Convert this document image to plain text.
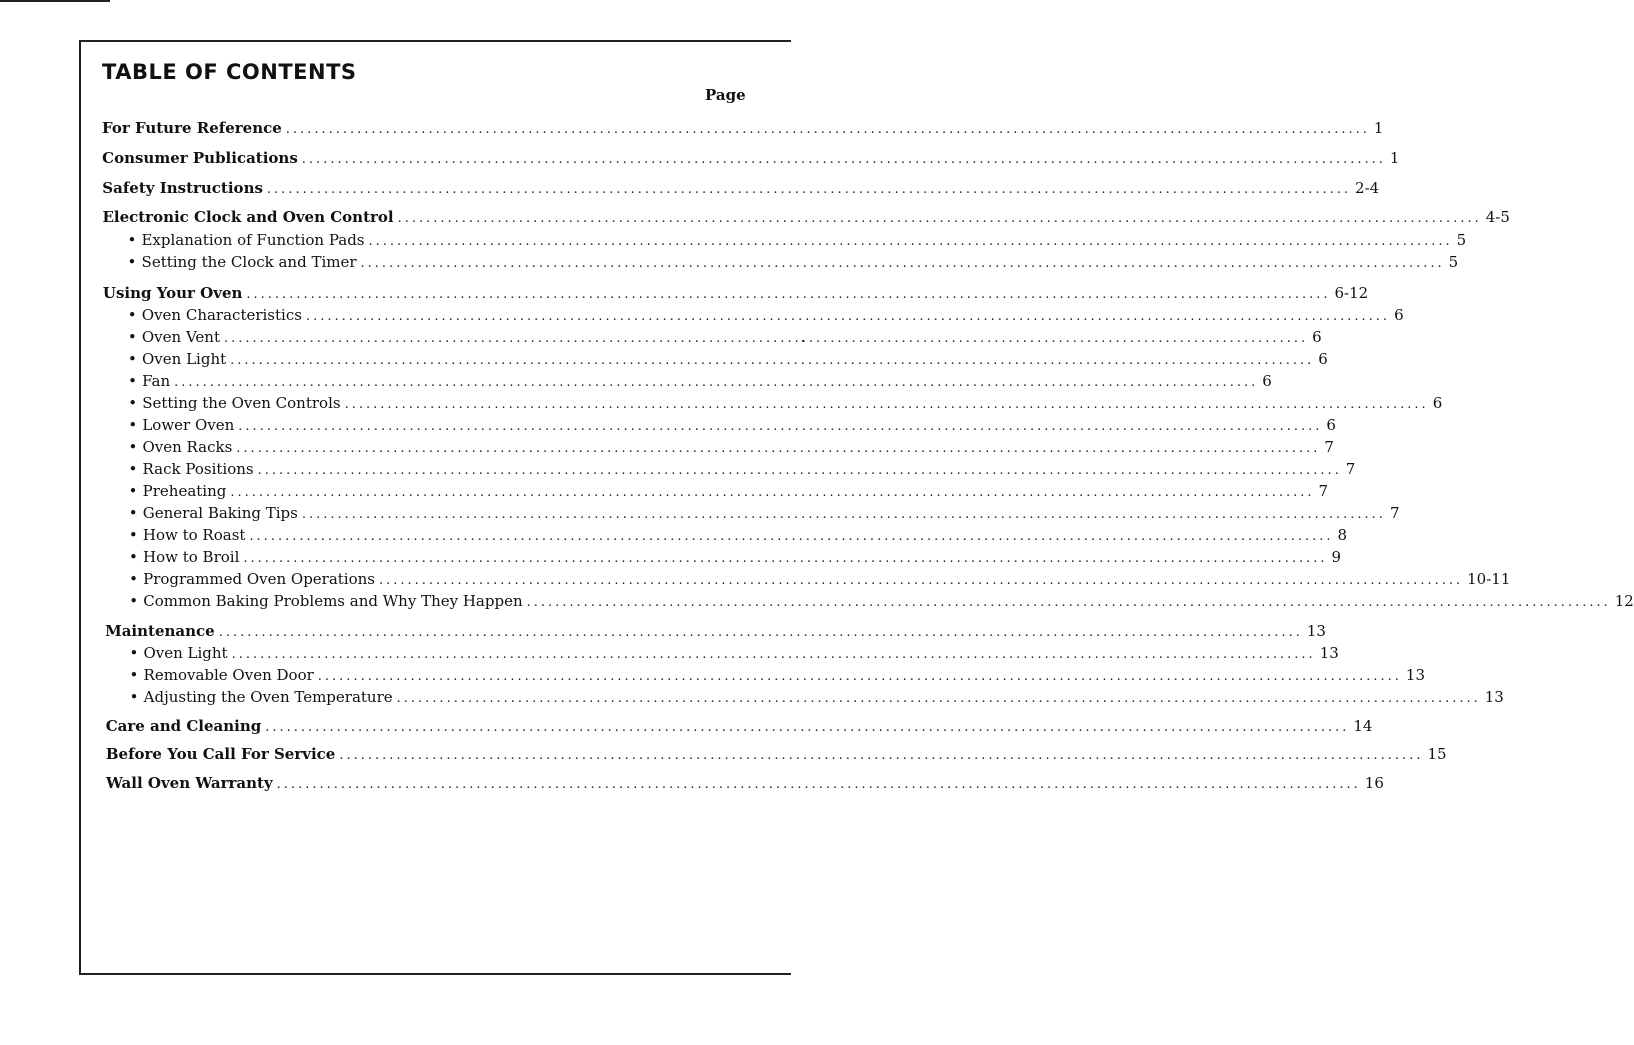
TABLE OF CONTENTS
Page
For Future Reference ........................................................................................................................................................ 1
Consumer Publications ........................................................................................................................................................ 1
Safety Instructions ........................................................................................................................................................ 2-4
Electronic Clock and Oven Control ........................................................................................................................................................ 4-5
• Explanation of Function Pads ........................................................................................................................................................ 5
• Setting the Clock and Timer ........................................................................................................................................................ 5
Using Your Oven ........................................................................................................................................................ 6-12
• Oven Characteristics ........................................................................................................................................................ 6
• Oven Vent ........................................................................................................................................................ 6
• Oven Light ........................................................................................................................................................ 6
• Fan ........................................................................................................................................................ 6
• Setting the Oven Controls ........................................................................................................................................................ 6
• Lower Oven ........................................................................................................................................................ 6
• Oven Racks ........................................................................................................................................................ 7
• Rack Positions ........................................................................................................................................................ 7
• Preheating ........................................................................................................................................................ 7
• General Baking Tips ........................................................................................................................................................ 7
• How to Roast ........................................................................................................................................................ 8
• How to Broil ........................................................................................................................................................ 9
• Programmed Oven Operations ........................................................................................................................................................ 10-11
• Common Baking Problems and Why They Happen ........................................................................................................................................................ 12
Maintenance ........................................................................................................................................................ 13
• Oven Light ........................................................................................................................................................ 13
• Removable Oven Door ........................................................................................................................................................ 13
• Adjusting the Oven Temperature ........................................................................................................................................................ 13
Care and Cleaning ........................................................................................................................................................ 14
Before You Call For Service ........................................................................................................................................................ 15
Wall Oven Warranty ........................................................................................................................................................ 16
